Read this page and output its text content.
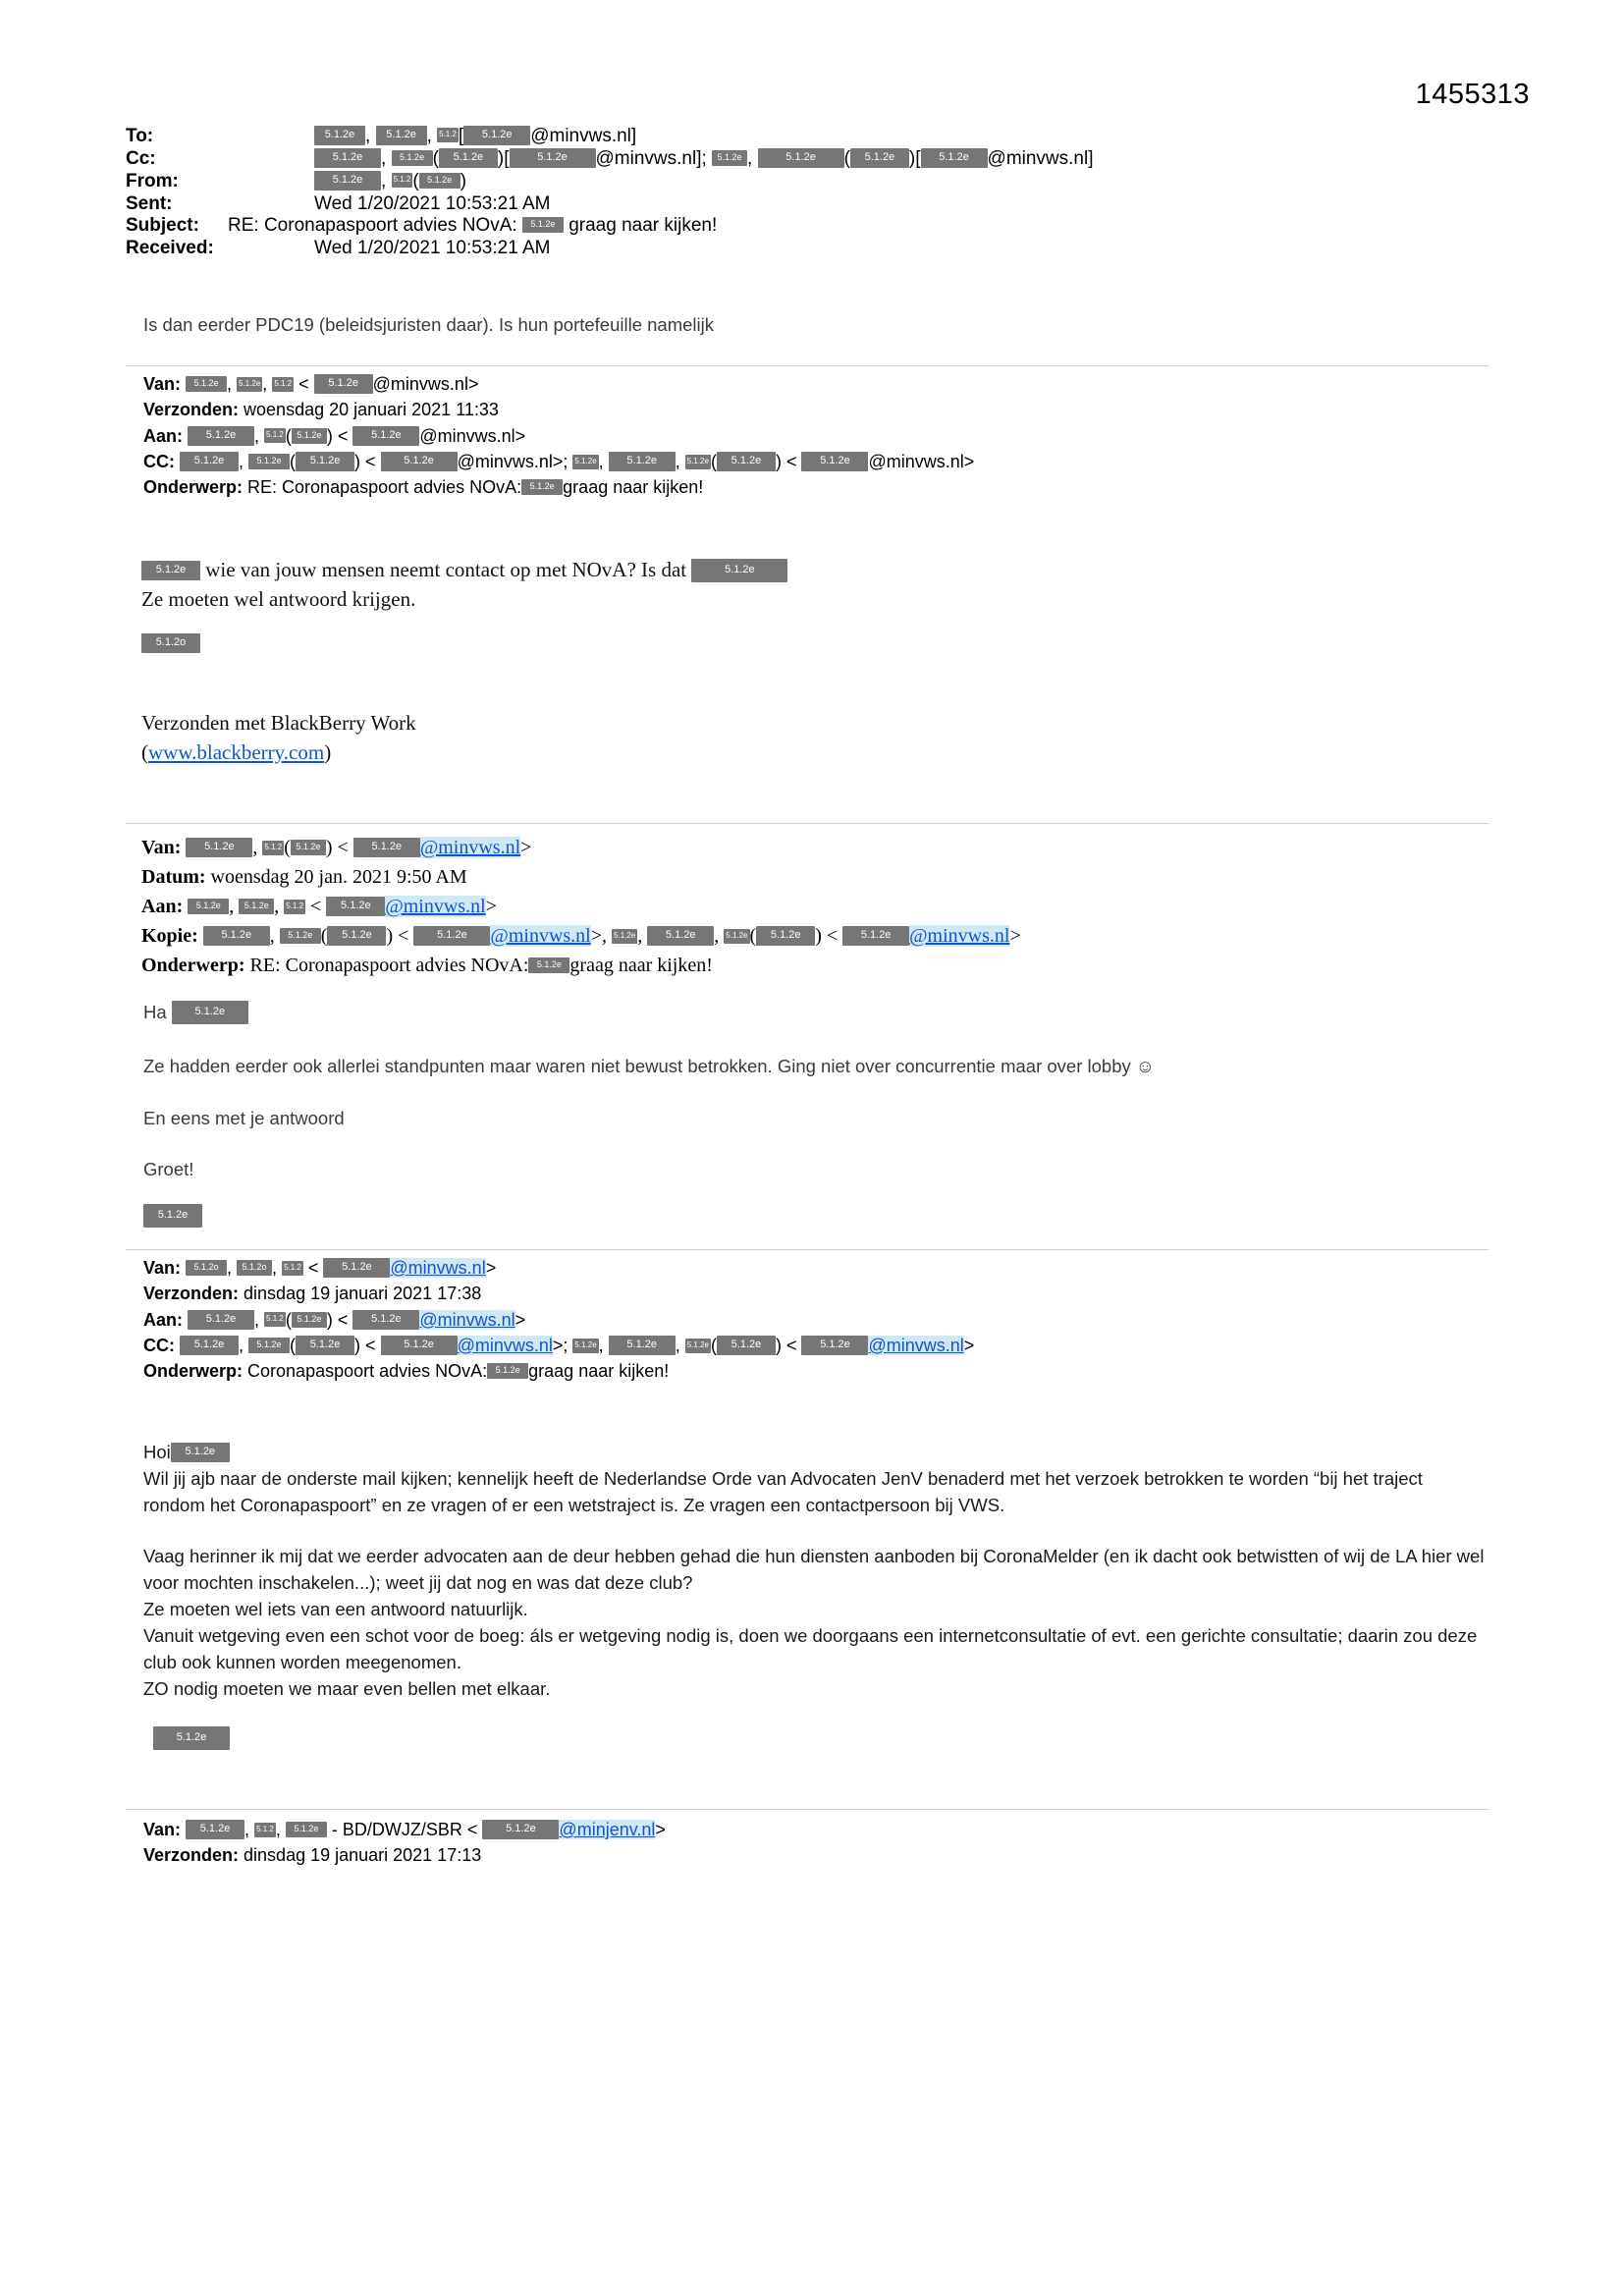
1455313
To:	5.1.2e , 5.1.2e , 5.1.2 [ 5.1.2e @minvws.nl]
Cc:	5.1.2e , 5.1.2e ( 5.1.2e )[	5.1.2e @minvws.nl]; 5.1.2e ,	5.1.2e ( 5.1.2e )[ 5.1.2e @minvws.nl]
From:	5.1.2e , 5.1.2 ( 5.1.2e )
Sent:	Wed 1/20/2021 10:53:21 AM
Subject:	RE: Coronapaspoort advies NOvA: 5.1.2e graag naar kijken!
Received:	Wed 1/20/2021 10:53:21 AM
Is dan eerder PDC19 (beleidsjuristen daar). Is hun portefeuille namelijk
Van: 5.1.2e , 5.1.2e , 5.1.2 < 5.1.2e @minvws.nl>
Verzonden: woensdag 20 januari 2021 11:33
Aan: 5.1.2e , 5.1.2 ( 5.1.2e ) < 5.1.2e @minvws.nl>
CC: 5.1.2e , 5.1.2e ( 5.1.2e ) <	5.1.2e @minvws.nl>; 5.1.2e , 5.1.2e , 5.1.2e ( 5.1.2e ) < 5.1.2e @minvws.nl>
Onderwerp: RE: Coronapaspoort advies NOvA: 5.1.2e graag naar kijken!
5.1.2e wie van jouw mensen neemt contact op met NOvA? Is dat	5.1.2e
Ze moeten wel antwoord krijgen.
5.1.2o
Verzonden met BlackBerry Work
(www.blackberry.com)
Van: 5.1.2e , 5.1.2 ( 5.1.2e ) < 5.1.2e @minvws.nl>
Datum: woensdag 20 jan. 2021 9:50 AM
Aan: 5.1.2e , 5.1.2e , 5.1.2 < 5.1.2e @minvws.nl>
Kopie: 5.1.2e , 5.1.2e ( 5.1.2e ) <	5.1.2e @minvws.nl>, 5.1.2e , 5.1.2e , 5.1.2e ( 5.1.2e ) < 5.1.2e @minvws.nl>
Onderwerp: RE: Coronapaspoort advies NOvA: 5.1.2e graag naar kijken!
Ha	5.1.2e
Ze hadden eerder ook allerlei standpunten maar waren niet bewust betrokken. Ging niet over concurrentie maar over lobby ☺
En eens met je antwoord
Groet!
5.1.2e
Van: 5.1.2o , 5.1.2o , 5.1.2 < 5.1.2e @minvws.nl>
Verzonden: dinsdag 19 januari 2021 17:38
Aan: 5.1.2e , 5.1.2 ( 5.1.2e ) < 5.1.2e @minvws.nl>
CC: 5.1.2e , 5.1.2e ( 5.1.2e ) <	5.1.2e @minvws.nl>; 5.1.2e , 5.1.2e , 5.1.2e ( 5.1.2e ) < 5.1.2e @minvws.nl>
Onderwerp: Coronapaspoort advies NOvA: 5.1.2e graag naar kijken!
Hoi 5.1.2e
Wil jij ajb naar de onderste mail kijken; kennelijk heeft de Nederlandse Orde van Advocaten JenV benaderd met het verzoek betrokken te worden “bij het traject rondom het Coronapaspoort” en ze vragen of er een wetstraject is. Ze vragen een contactpersoon bij VWS.
Vaag herinner ik mij dat we eerder advocaten aan de deur hebben gehad die hun diensten aanboden bij CoronaMelder (en ik dacht ook betwistten of wij de LA hier wel voor mochten inschakelen...); weet jij dat nog en was dat deze club?
Ze moeten wel iets van een antwoord natuurlijk.
Vanuit wetgeving even een schot voor de boeg: áls er wetgeving nodig is, doen we doorgaans een internetconsultatie of evt. een gerichte consultatie; daarin zou deze club ook kunnen worden meegenomen.
ZO nodig moeten we maar even bellen met elkaar.
5.1.2e
Van: 5.1.2e , 5.1.2 , 5.1.2e - BD/DWJZ/SBR <	5.1.2e @minjenv.nl>
Verzonden: dinsdag 19 januari 2021 17:13
